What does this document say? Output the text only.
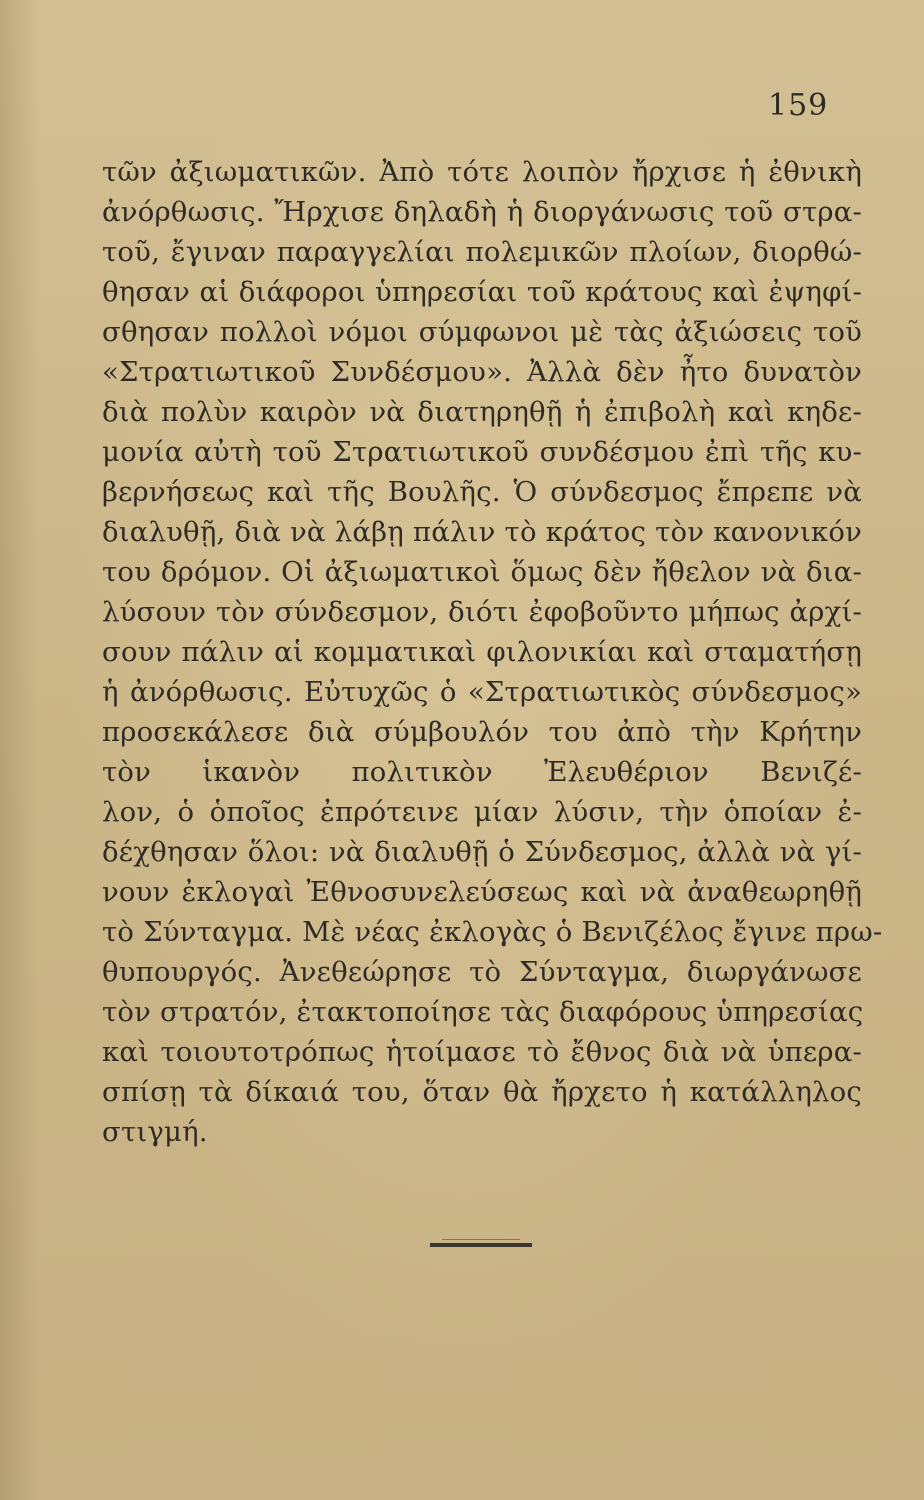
159
τῶν ἀξιωματικῶν. Ἀπὸ τότε λοιπὸν ἤρχισε ἡ ἐθνικὴ
ἀνόρθωσις. Ἤρχισε δηλαδὴ ἡ διοργάνωσις τοῦ στρα-
τοῦ, ἔγιναν παραγγελίαι πολεμικῶν πλοίων, διορθώ-
θησαν αἱ διάφοροι ὑπηρεσίαι τοῦ κράτους καὶ ἐψηφί-
σθησαν πολλοὶ νόμοι σύμφωνοι μὲ τὰς ἀξιώσεις τοῦ
«Στρατιωτικοῦ Συνδέσμου». Ἀλλὰ δὲν ἦτο δυνατὸν
διὰ πολὺν καιρὸν νὰ διατηρηθῇ ἡ ἐπιβολὴ καὶ κηδε-
μονία αὐτὴ τοῦ Στρατιωτικοῦ συνδέσμου ἐπὶ τῆς κυ-
βερνήσεως καὶ τῆς Βουλῆς. Ὁ σύνδεσμος ἔπρεπε νὰ
διαλυθῇ, διὰ νὰ λάβῃ πάλιν τὸ κράτος τὸν κανονικόν
του δρόμον. Οἱ ἀξιωματικοὶ ὅμως δὲν ἤθελον νὰ δια-
λύσουν τὸν σύνδεσμον, διότι ἐφοβοῦντο μήπως ἀρχί-
σουν πάλιν αἱ κομματικαὶ φιλονικίαι καὶ σταματήσῃ
ἡ ἀνόρθωσις. Εὐτυχῶς ὁ «Στρατιωτικὸς σύνδεσμος»
προσεκάλεσε διὰ σύμβουλόν του ἀπὸ τὴν Κρήτην
τὸν ἱκανὸν πολιτικὸν Ἐλευθέριον Βενιζέ-
λον, ὁ ὁποῖος ἐπρότεινε μίαν λύσιν, τὴν ὁποίαν ἐ-
δέχθησαν ὅλοι: νὰ διαλυθῇ ὁ Σύνδεσμος, ἀλλὰ νὰ γί-
νουν ἐκλογαὶ Ἐθνοσυνελεύσεως καὶ νὰ ἀναθεωρηθῇ
τὸ Σύνταγμα. Μὲ νέας ἐκλογὰς ὁ Βενιζέλος ἔγινε πρω-
θυπουργός. Ἀνεθεώρησε τὸ Σύνταγμα, διωργάνωσε
τὸν στρατόν, ἐτακτοποίησε τὰς διαφόρους ὑπηρεσίας
καὶ τοιουτοτρόπως ἡτοίμασε τὸ ἔθνος διὰ νὰ ὑπερα-
σπίσῃ τὰ δίκαιά του, ὅταν θὰ ἤρχετο ἡ κατάλληλος
στιγμή.
